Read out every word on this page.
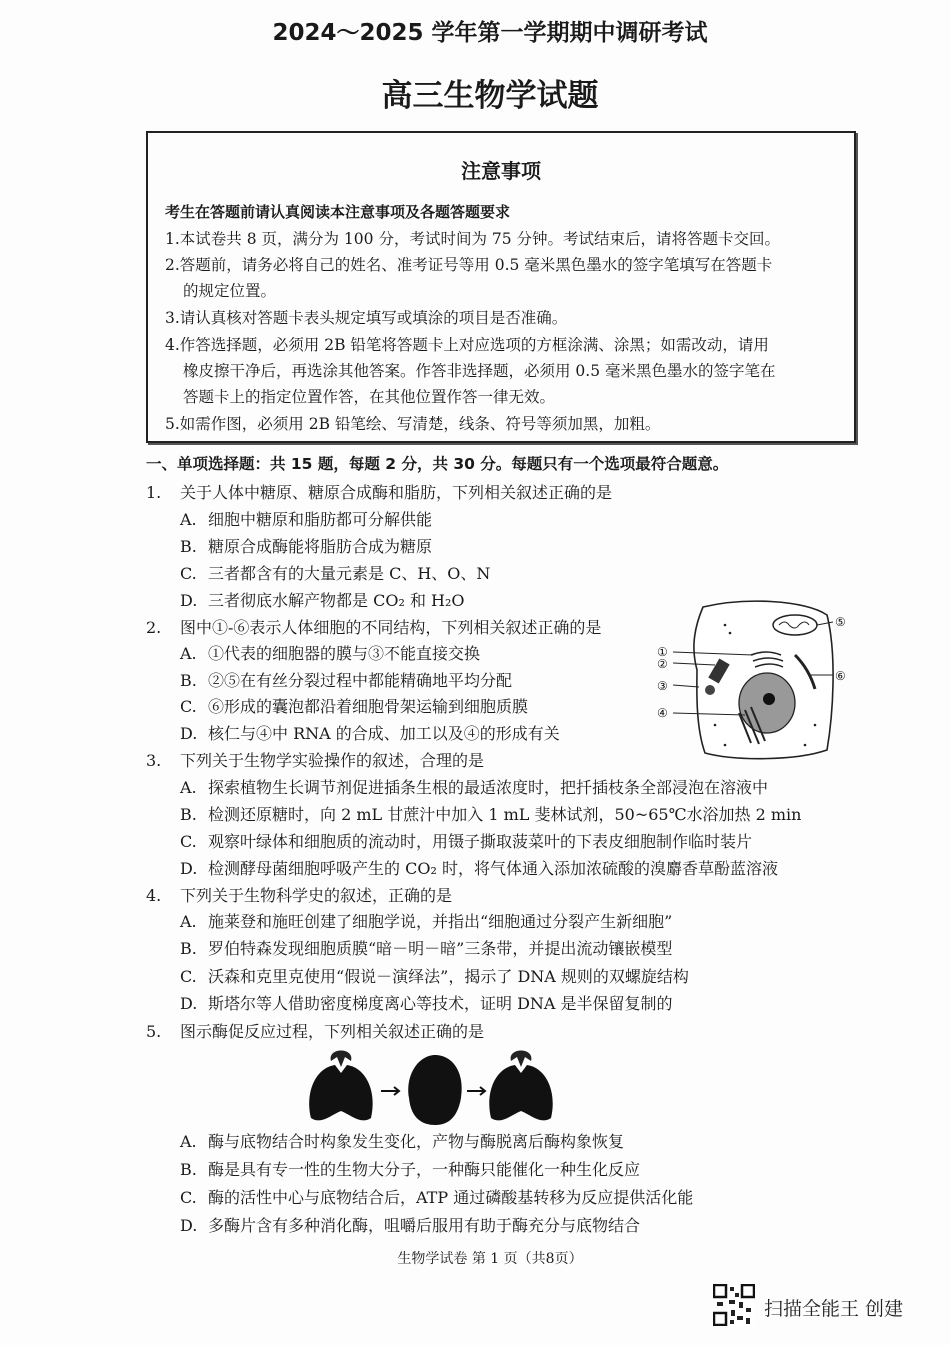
2024～2025 学年第一学期期中调研考试
高三生物学试题
注意事项
考生在答题前请认真阅读本注意事项及各题答题要求
1.本试卷共 8 页，满分为 100 分，考试时间为 75 分钟。考试结束后，请将答题卡交回。
2.答题前，请务必将自己的姓名、准考证号等用 0.5 毫米黑色墨水的签字笔填写在答题卡
的规定位置。
3.请认真核对答题卡表头规定填写或填涂的项目是否准确。
4.作答选择题，必须用 2B 铅笔将答题卡上对应选项的方框涂满、涂黑；如需改动，请用
橡皮擦干净后，再选涂其他答案。作答非选择题，必须用 0.5 毫米黑色墨水的签字笔在
答题卡上的指定位置作答，在其他位置作答一律无效。
5.如需作图，必须用 2B 铅笔绘、写清楚，线条、符号等须加黑，加粗。
一、单项选择题：共 15 题，每题 2 分，共 30 分。每题只有一个选项最符合题意。
1. 关于人体中糖原、糖原合成酶和脂肪，下列相关叙述正确的是
A. 细胞中糖原和脂肪都可分解供能
B. 糖原合成酶能将脂肪合成为糖原
C. 三者都含有的大量元素是 C、H、O、N
D. 三者彻底水解产物都是 CO₂ 和 H₂O
2. 图中①-⑥表示人体细胞的不同结构，下列相关叙述正确的是
A. ①代表的细胞器的膜与③不能直接交换
B. ②⑤在有丝分裂过程中都能精确地平均分配
C. ⑥形成的囊泡都沿着细胞骨架运输到细胞质膜
D. 核仁与④中 RNA 的合成、加工以及④的形成有关
①
②
③
④
⑤
⑥
3. 下列关于生物学实验操作的叙述，合理的是
A. 探索植物生长调节剂促进插条生根的最适浓度时，把扦插枝条全部浸泡在溶液中
B. 检测还原糖时，向 2 mL 甘蔗汁中加入 1 mL 斐林试剂，50~65℃水浴加热 2 min
C. 观察叶绿体和细胞质的流动时，用镊子撕取菠菜叶的下表皮细胞制作临时装片
D. 检测酵母菌细胞呼吸产生的 CO₂ 时，将气体通入添加浓硫酸的溴麝香草酚蓝溶液
4. 下列关于生物科学史的叙述，正确的是
A. 施莱登和施旺创建了细胞学说，并指出“细胞通过分裂产生新细胞”
B. 罗伯特森发现细胞质膜“暗－明－暗”三条带，并提出流动镶嵌模型
C. 沃森和克里克使用“假说－演绎法”，揭示了 DNA 规则的双螺旋结构
D. 斯塔尔等人借助密度梯度离心等技术，证明 DNA 是半保留复制的
5. 图示酶促反应过程，下列相关叙述正确的是
A. 酶与底物结合时构象发生变化，产物与酶脱离后酶构象恢复
B. 酶是具有专一性的生物大分子，一种酶只能催化一种生化反应
C. 酶的活性中心与底物结合后，ATP 通过磷酸基转移为反应提供活化能
D. 多酶片含有多种消化酶，咀嚼后服用有助于酶充分与底物结合
生物学试卷 第 1 页（共8页）
扫描全能王 创建
